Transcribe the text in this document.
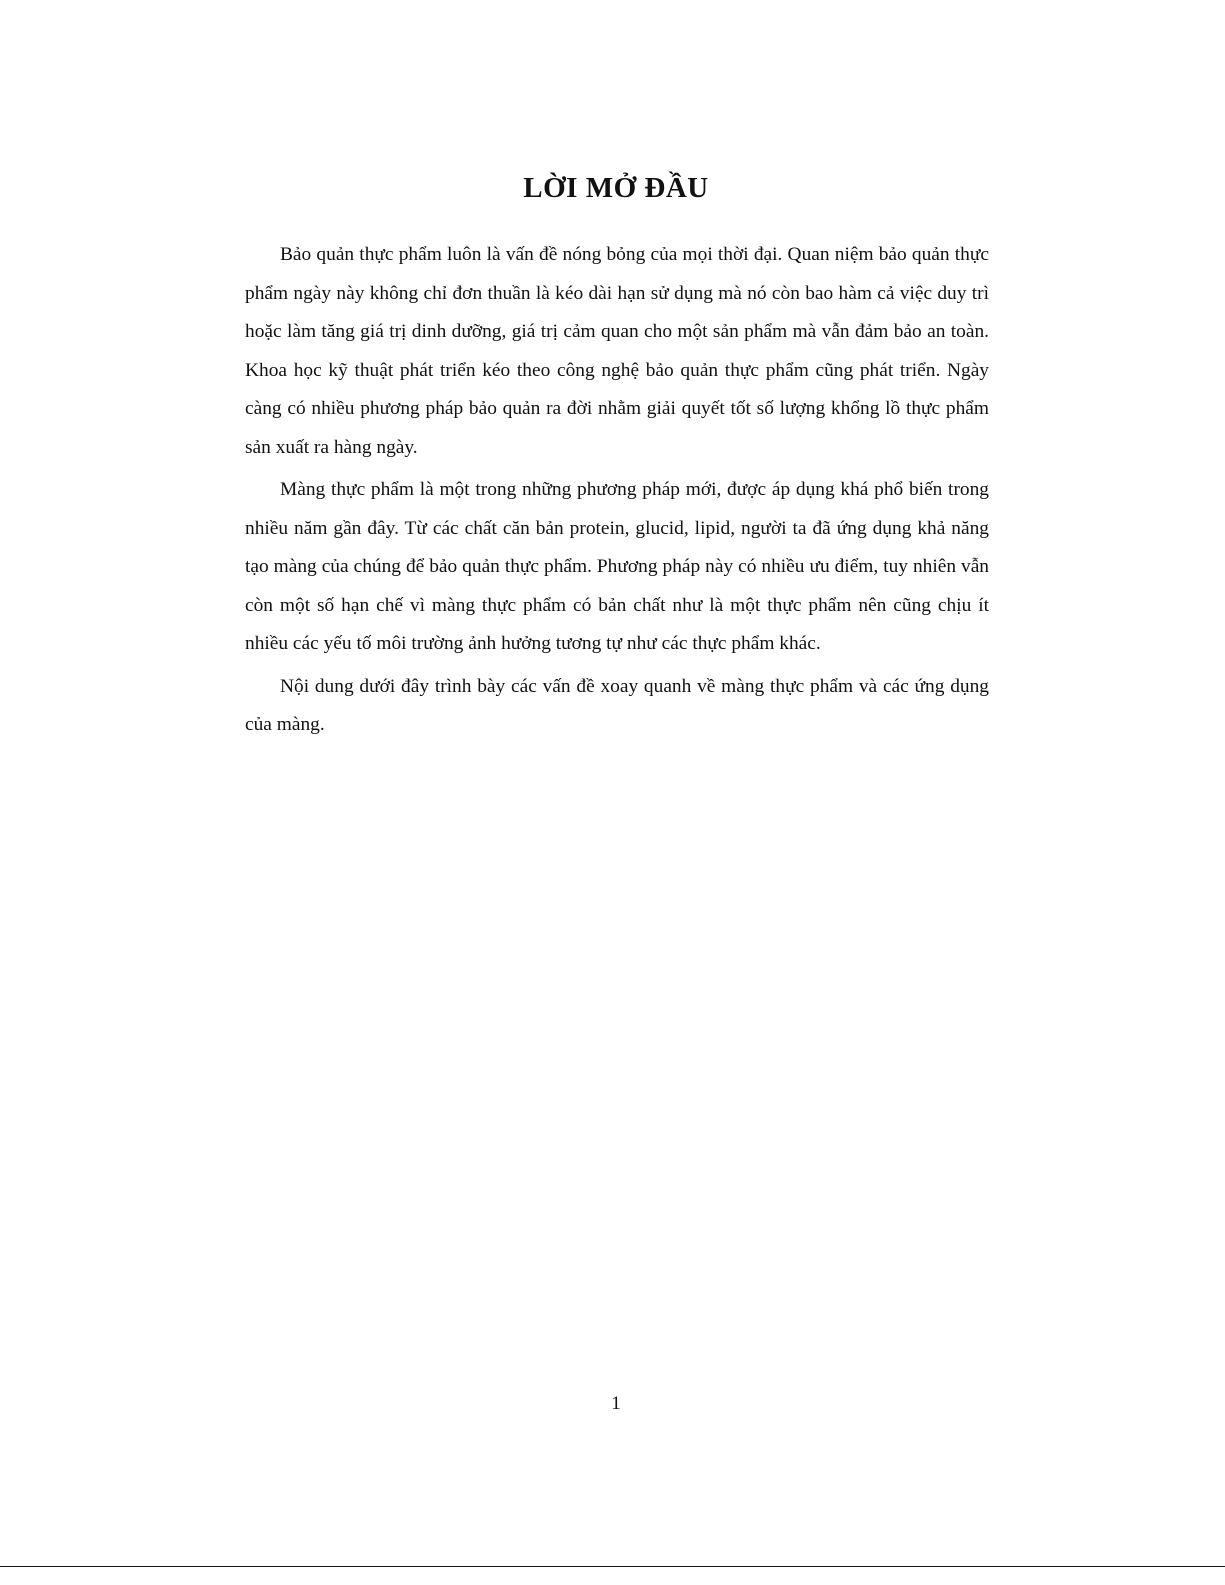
LỜI MỞ ĐẦU

Bảo quản thực phẩm luôn là vấn đề nóng bỏng của mọi thời đại. Quan niệm bảo quản thực phẩm ngày này không chỉ đơn thuần là kéo dài hạn sử dụng mà nó còn bao hàm cả việc duy trì hoặc làm tăng giá trị dinh dưỡng, giá trị cảm quan cho một sản phẩm mà vẫn đảm bảo an toàn. Khoa học kỹ thuật phát triển kéo theo công nghệ bảo quản thực phẩm cũng phát triển. Ngày càng có nhiều phương pháp bảo quản ra đời nhằm giải quyết tốt số lượng khổng lồ thực phẩm sản xuất ra hàng ngày.

Màng thực phẩm là một trong những phương pháp mới, được áp dụng khá phổ biến trong nhiều năm gần đây. Từ các chất căn bản protein, glucid, lipid, người ta đã ứng dụng khả năng tạo màng của chúng để bảo quản thực phẩm. Phương pháp này có nhiều ưu điểm, tuy nhiên vẫn còn một số hạn chế vì màng thực phẩm có bản chất như là một thực phẩm nên cũng chịu ít nhiều các yếu tố môi trường ảnh hưởng tương tự như các thực phẩm khác.

Nội dung dưới đây trình bày các vấn đề xoay quanh về màng thực phẩm và các ứng dụng của màng.

1
